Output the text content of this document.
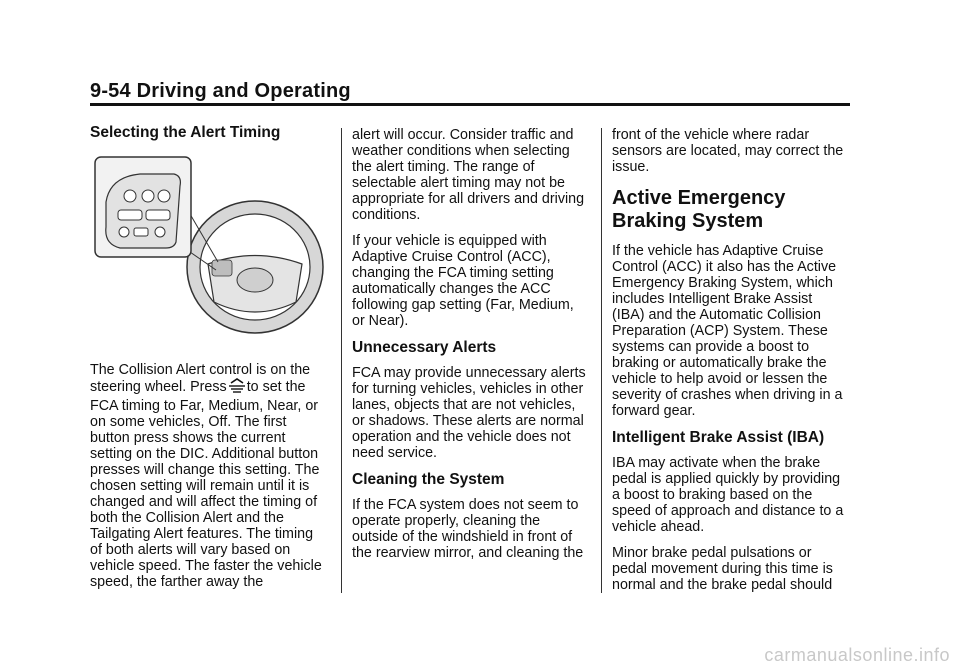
9-54 Driving and Operating
Selecting the Alert Timing

The Collision Alert control is on the steering wheel. Press to set the FCA timing to Far, Medium, Near, or on some vehicles, Off. The first button press shows the current setting on the DIC. Additional button presses will change this setting. The chosen setting will remain until it is changed and will affect the timing of both the Collision Alert and the Tailgating Alert features. The timing of both alerts will vary based on vehicle speed. The faster the vehicle speed, the farther away the

alert will occur. Consider traffic and weather conditions when selecting the alert timing. The range of selectable alert timing may not be appropriate for all drivers and driving conditions.

If your vehicle is equipped with Adaptive Cruise Control (ACC), changing the FCA timing setting automatically changes the ACC following gap setting (Far, Medium, or Near).

Unnecessary Alerts

FCA may provide unnecessary alerts for turning vehicles, vehicles in other lanes, objects that are not vehicles, or shadows. These alerts are normal operation and the vehicle does not need service.

Cleaning the System

If the FCA system does not seem to operate properly, cleaning the outside of the windshield in front of the rearview mirror, and cleaning the

front of the vehicle where radar sensors are located, may correct the issue.

Active Emergency Braking System

If the vehicle has Adaptive Cruise Control (ACC) it also has the Active Emergency Braking System, which includes Intelligent Brake Assist (IBA) and the Automatic Collision Preparation (ACP) System. These systems can provide a boost to braking or automatically brake the vehicle to help avoid or lessen the severity of crashes when driving in a forward gear.

Intelligent Brake Assist (IBA)

IBA may activate when the brake pedal is applied quickly by providing a boost to braking based on the speed of approach and distance to a vehicle ahead.

Minor brake pedal pulsations or pedal movement during this time is normal and the brake pedal should

carmanualsonline.info
